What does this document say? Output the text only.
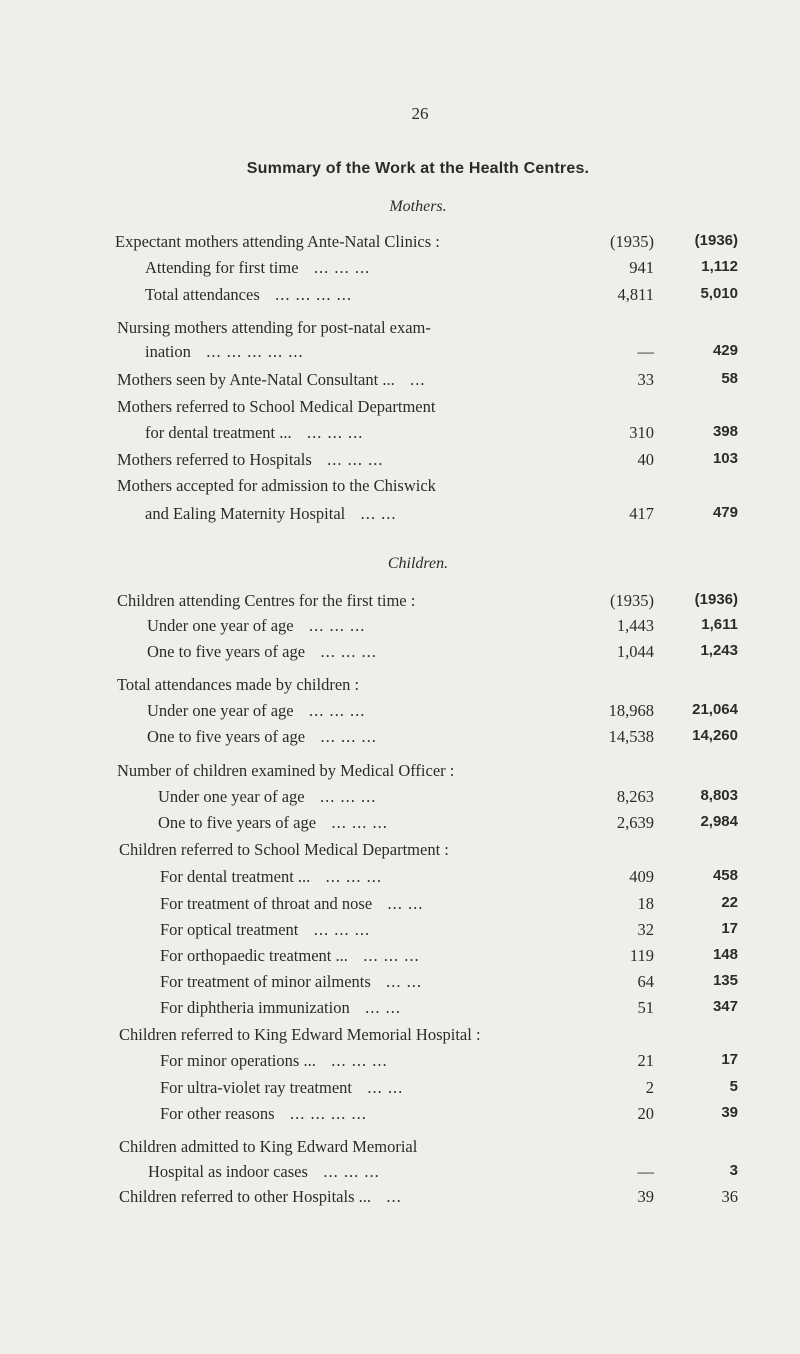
26
Summary of the Work at the Health Centres.
Mothers.
Children.
Expectant mothers attending Ante-Natal Clinics :	(1935)	(1936)
Attending for first time   ... ... ...	941	1,112
Total attendances   ... ... ... ...	4,811	5,010
Nursing mothers attending for post-natal exam-
ination   ... ... ... ... ...	—	429
Mothers seen by Ante-Natal Consultant ...   ...	33	58
Mothers referred to School Medical Department
for dental treatment ...   ... ... ...	310	398
Mothers referred to Hospitals   ... ... ...	40	103
Mothers accepted for admission to the Chiswick
and Ealing Maternity Hospital   ... ...	417	479
Children attending Centres for the first time :	(1935)	(1936)
Under one year of age   ... ... ...	1,443	1,611
One to five years of age   ... ... ...	1,044	1,243
Total attendances made by children :
Under one year of age   ... ... ...	18,968	21,064
One to five years of age   ... ... ...	14,538	14,260
Number of children examined by Medical Officer :
Under one year of age   ... ... ...	8,263	8,803
One to five years of age   ... ... ...	2,639	2,984
Children referred to School Medical Department :
For dental treatment ...   ... ... ...	409	458
For treatment of throat and nose   ... ...	18	22
For optical treatment   ... ... ...	32	17
For orthopaedic treatment ...   ... ... ...	119	148
For treatment of minor ailments   ... ...	64	135
For diphtheria immunization   ... ...	51	347
Children referred to King Edward Memorial Hospital :
For minor operations ...   ... ... ...	21	17
For ultra-violet ray treatment   ... ...	2	5
For other reasons   ... ... ... ...	20	39
Children admitted to King Edward Memorial
Hospital as indoor cases   ... ... ...	—	3
Children referred to other Hospitals ...   ...	39	36
